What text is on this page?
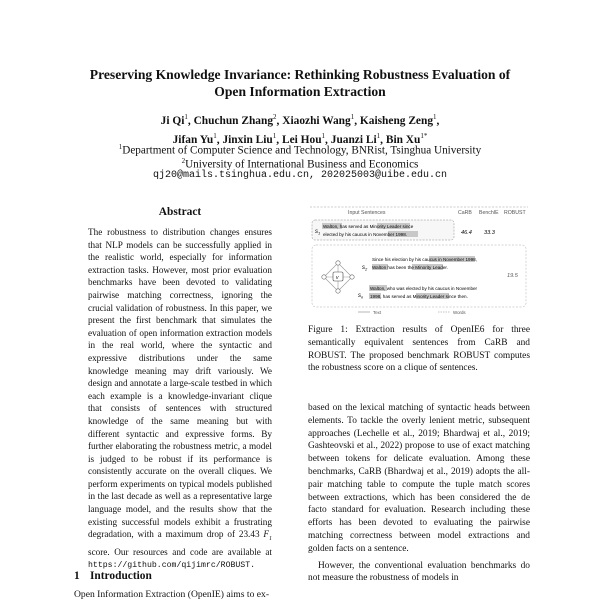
Preserving Knowledge Invariance: Rethinking Robustness Evaluation of
Open Information Extraction
Ji Qi$^1$, Chuchun Zhang$^2$, Xiaozhi Wang$^1$, Kaisheng Zeng$^1$,
Jifan Yu$^1$, Jinxin Liu$^1$, Lei Hou$^1$, Juanzi Li$^1$, Bin $Xu^{1*}$
$^1$Department of Computer Science and Technology, BNRist, Tsinghua University
$^2$University of International Business and Economics
qj20@mails.tsinghua.edu.cn, 202025003@uibe.edu.cn
Abstract
The robustness to distribution changes ensures that NLP models can be successfully applied in the realistic world, especially for information extraction tasks. However, most prior evaluation benchmarks have been devoted to validating pairwise matching correctness, ignoring the crucial validation of robustness. In this paper, we present the first benchmark that simulates the evaluation of open information extraction models in the real world, where the syntactic and expressive distributions under the same knowledge meaning may drift variously. We design and annotate a large-scale testbed in which each example is a knowledge-invariant clique that consists of sentences with structured knowledge of the same meaning but with different syntactic and expressive forms. By further elaborating the robustness metric, a model is judged to be robust if its performance is consistently accurate on the overall cliques. We perform experiments on typical models published in the last decade as well as a representative large language model, and the results show that the existing successful models exhibit a frustrating degradation, with a maximum drop of 23.43 $F_1$ score. Our resources and code are available at https://github.com/qijimrc/ROBUST.
1 Introduction
Open Information Extraction (OpenIE) aims to ex-
Input Sentences	CaRB BenchIE ROBUST
$s_1$
Walton, has served as Minority Leader since
elected by his caucus in November 1998.	46.4 33.3
v
$s_2$
Since his election by his caucus in November 1998,
Walton has been the Minority Leader.
19.5
$s_n$
Walton, who was elected by his caucus in November
1998, has served as Minority Leader since then.
Text	Words
Figure 1: Extraction results of OpenIE6 for three semantically equivalent sentences from CaRB and ROBUST. The proposed benchmark ROBUST computes the robustness score on a clique of sentences.

based on the lexical matching of syntactic heads between elements. To tackle the overly lenient metric, subsequent approaches (Lechelle et al., 2019; Bhardwaj et al., 2019; Gashteovski et al., 2022) propose to use of exact matching between tokens for delicate evaluation. Among these benchmarks, CaRB (Bhardwaj et al., 2019) adopts the all-pair matching table to compute the tuple match scores between extractions, which has been considered the de facto standard for evaluation. Research including these efforts has been devoted to evaluating the pairwise matching correctness between model extractions and golden facts on a sentence.

However, the conventional evaluation benchmarks do not measure the robustness of models in
